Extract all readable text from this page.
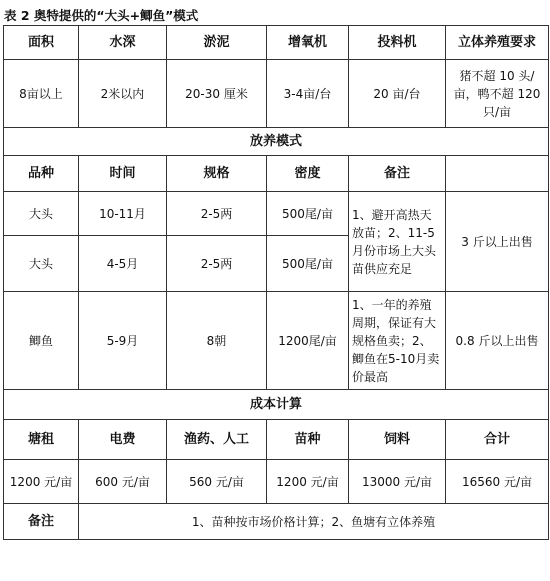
表 2 奥特提供的“大头+鲫鱼”模式
面积	水深	淤泥	增氧机	投料机	立体养殖要求
8亩以上	2米以内	20-30 厘米	3-4亩/台	20 亩/台	猪不超 10 头/亩，鸭不超 120 只/亩
放养模式					
品种	时间	规格	密度	备注	
大头	10-11月	2-5两	500尾/亩	1、避开高热天放苗；2、11-5月份市场上大头苗供应充足	3 斤以上出售
大头	4-5月	2-5两	500尾/亩		
鲫鱼	5-9月	8朝	1200尾/亩	1、一年的养殖周期，保证有大规格鱼卖；2、鲫鱼在5-10月卖价最高	0.8 斤以上出售
成本计算					
塘租	电费	渔药、人工	苗种	饲料	合计
1200 元/亩	600 元/亩	560 元/亩	1200 元/亩	13000 元/亩	16560 元/亩
备注	1、苗种按市场价格计算；2、鱼塘有立体养殖				
